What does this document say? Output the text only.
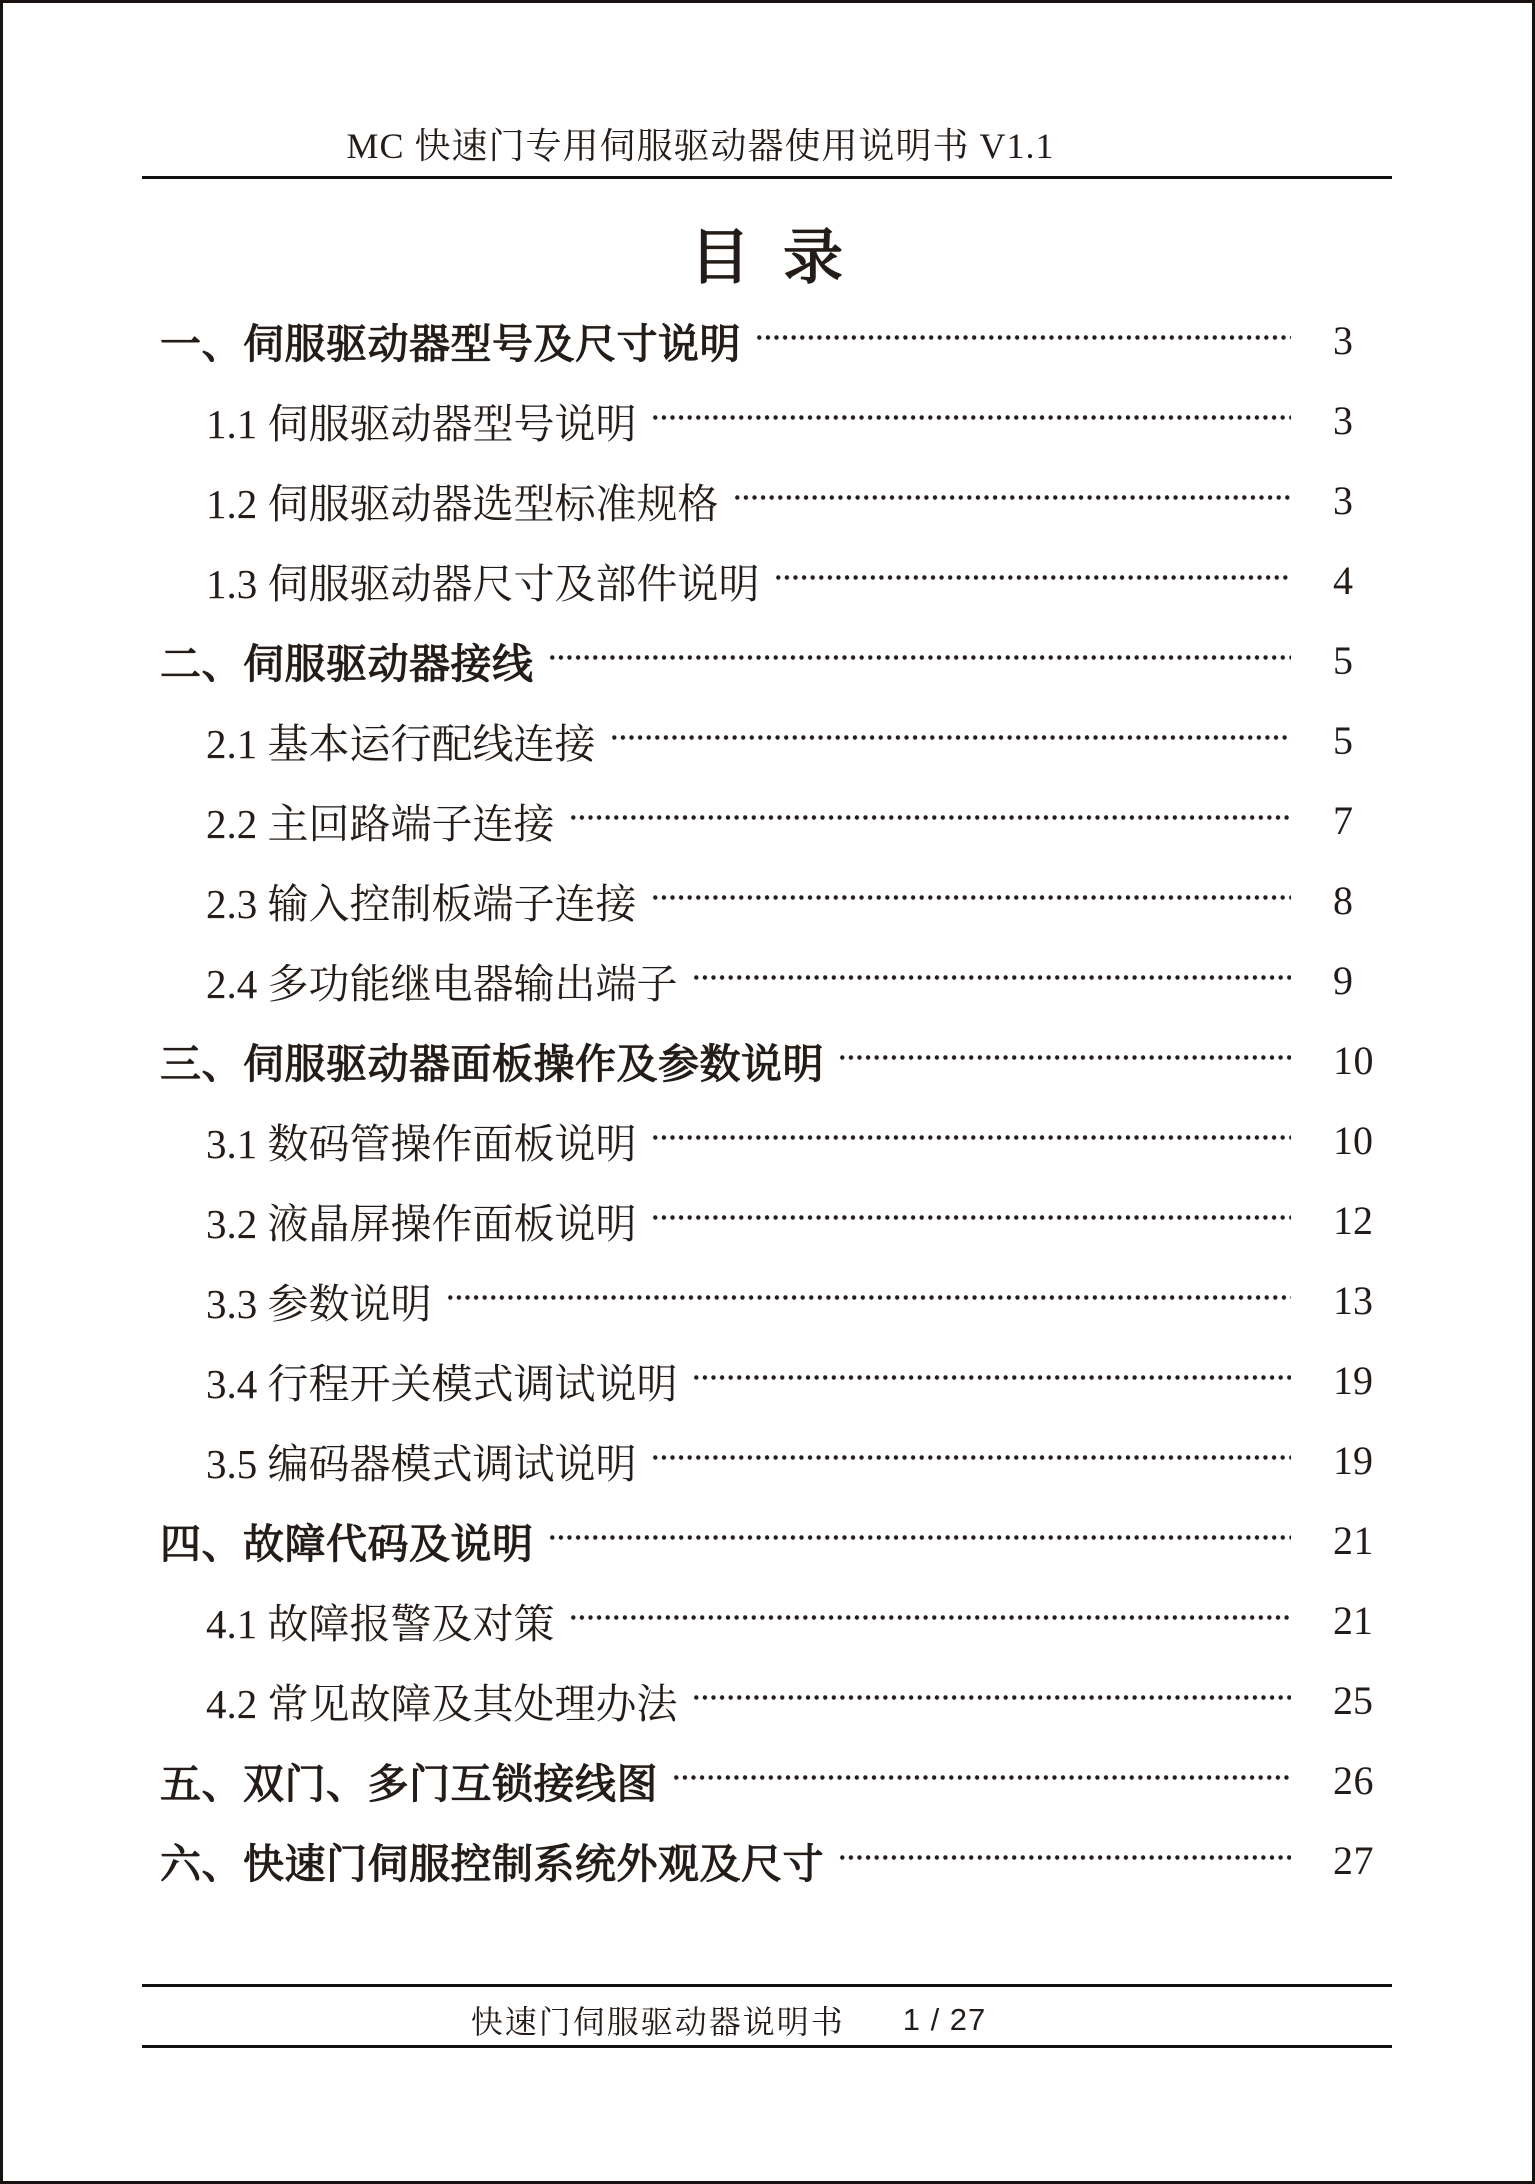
MC 快速门专用伺服驱动器使用说明书 V1.1
目 录
一、伺服驱动器型号及尺寸说明	3
1.1 伺服驱动器型号说明	3
1.2 伺服驱动器选型标准规格	3
1.3 伺服驱动器尺寸及部件说明	4
二、伺服驱动器接线	5
2.1 基本运行配线连接	5
2.2 主回路端子连接	7
2.3 输入控制板端子连接	8
2.4 多功能继电器输出端子	9
三、伺服驱动器面板操作及参数说明	10
3.1 数码管操作面板说明	10
3.2 液晶屏操作面板说明	12
3.3 参数说明	13
3.4 行程开关模式调试说明	19
3.5 编码器模式调试说明	19
四、故障代码及说明	21
4.1 故障报警及对策	21
4.2 常见故障及其处理办法	25
五、双门、多门互锁接线图	26
六、快速门伺服控制系统外观及尺寸	27
快速门伺服驱动器说明书 1 / 27
